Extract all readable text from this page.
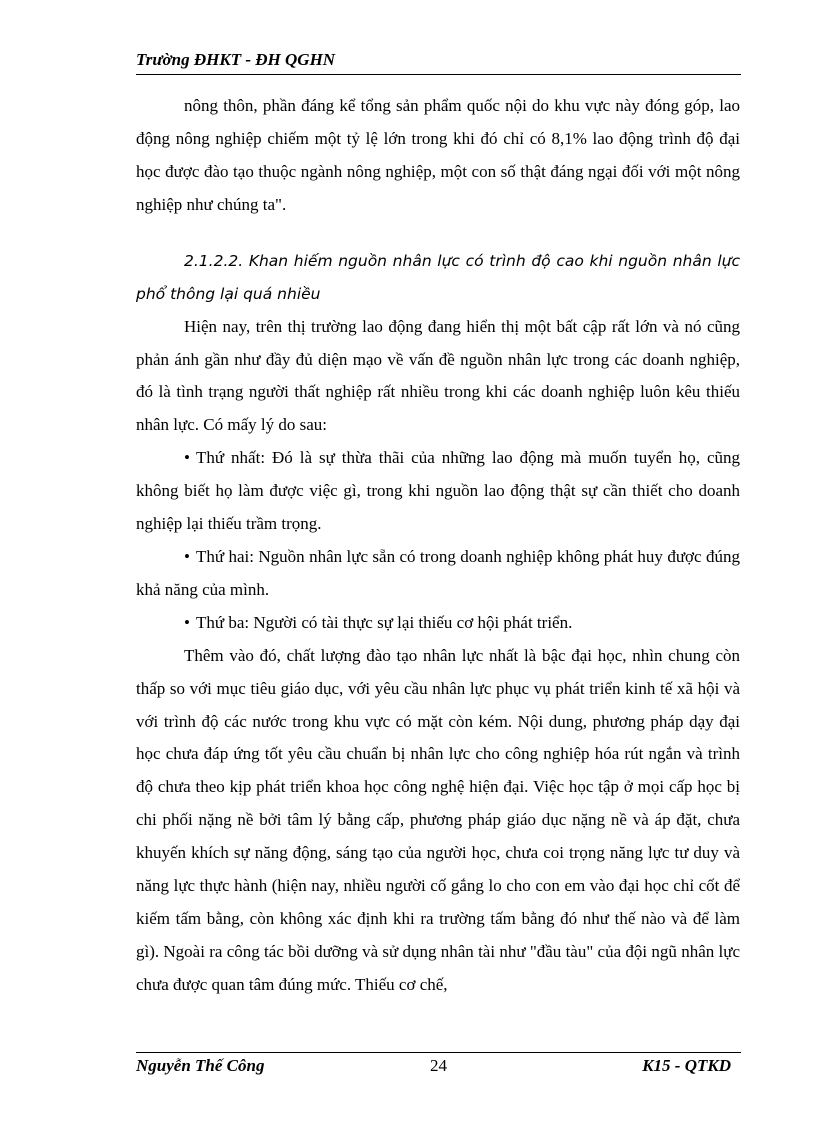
Trường ĐHKT - ĐH QGHN

nông thôn, phần đáng kể tổng sản phẩm quốc nội do khu vực này đóng góp, lao động nông nghiệp chiếm một tỷ lệ lớn trong khi đó chỉ có 8,1% lao động trình độ đại học được đào tạo thuộc ngành nông nghiệp, một con số thật đáng ngại đối với một nông nghiệp như chúng ta".

2.1.2.2. Khan hiếm nguồn nhân lực có trình độ cao khi nguồn nhân lực phổ thông lại quá nhiều

Hiện nay, trên thị trường lao động đang hiển thị một bất cập rất lớn và nó cũng phản ánh gần như đầy đủ diện mạo về vấn đề nguồn nhân lực trong các doanh nghiệp, đó là tình trạng người thất nghiệp rất nhiều trong khi các doanh nghiệp luôn kêu thiếu nhân lực. Có mấy lý do sau:

• Thứ nhất: Đó là sự thừa thãi của những lao động mà muốn tuyển họ, cũng không biết họ làm được việc gì, trong khi nguồn lao động thật sự cần thiết cho doanh nghiệp lại thiếu trầm trọng.

• Thứ hai: Nguồn nhân lực sẵn có trong doanh nghiệp không phát huy được đúng khả năng của mình.

• Thứ ba: Người có tài thực sự lại thiếu cơ hội phát triển.

Thêm vào đó, chất lượng đào tạo nhân lực nhất là bậc đại học, nhìn chung còn thấp so với mục tiêu giáo dục, với yêu cầu nhân lực phục vụ phát triển kinh tế xã hội và với trình độ các nước trong khu vực có mặt còn kém. Nội dung, phương pháp dạy đại học chưa đáp ứng tốt yêu cầu chuẩn bị nhân lực cho công nghiệp hóa rút ngắn và trình độ chưa theo kịp phát triển khoa học công nghệ hiện đại. Việc học tập ở mọi cấp học bị chi phối nặng nề bởi tâm lý bằng cấp, phương pháp giáo dục nặng nề và áp đặt, chưa khuyến khích sự năng động, sáng tạo của người học, chưa coi trọng năng lực tư duy và năng lực thực hành (hiện nay, nhiều người cố gắng lo cho con em vào đại học chỉ cốt để kiếm tấm bằng, còn không xác định khi ra trường tấm bằng đó như thế nào và để làm gì). Ngoài ra công tác bồi dưỡng và sử dụng nhân tài như "đầu tàu" của đội ngũ nhân lực chưa được quan tâm đúng mức. Thiếu cơ chế,

Nguyễn Thế Công	24	K15 - QTKD
